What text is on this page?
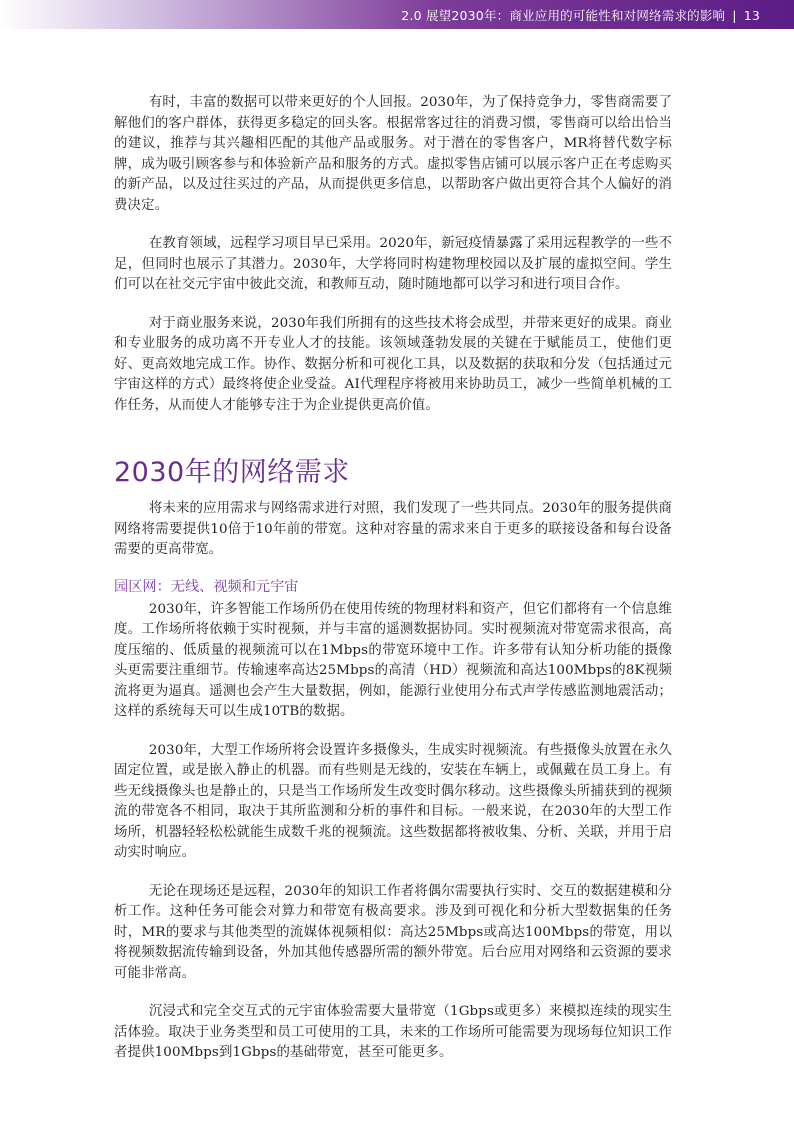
2.0 展望2030年：商业应用的可能性和对网络需求的影响 | 13

有时，丰富的数据可以带来更好的个人回报。2030年，为了保持竞争力，零售商需要了解他们的客户群体，获得更多稳定的回头客。根据常客过往的消费习惯，零售商可以给出恰当的建议，推荐与其兴趣相匹配的其他产品或服务。对于潜在的零售客户，MR将替代数字标牌，成为吸引顾客参与和体验新产品和服务的方式。虚拟零售店铺可以展示客户正在考虑购买的新产品，以及过往买过的产品，从而提供更多信息，以帮助客户做出更符合其个人偏好的消费决定。

在教育领域，远程学习项目早已采用。2020年，新冠疫情暴露了采用远程教学的一些不足，但同时也展示了其潜力。2030年，大学将同时构建物理校园以及扩展的虚拟空间。学生们可以在社交元宇宙中彼此交流，和教师互动，随时随地都可以学习和进行项目合作。

对于商业服务来说，2030年我们所拥有的这些技术将会成型，并带来更好的成果。商业和专业服务的成功离不开专业人才的技能。该领域蓬勃发展的关键在于赋能员工，使他们更好、更高效地完成工作。协作、数据分析和可视化工具，以及数据的获取和分发（包括通过元宇宙这样的方式）最终将使企业受益。AI代理程序将被用来协助员工，减少一些简单机械的工作任务，从而使人才能够专注于为企业提供更高价值。

2030年的网络需求

将未来的应用需求与网络需求进行对照，我们发现了一些共同点。2030年的服务提供商网络将需要提供10倍于10年前的带宽。这种对容量的需求来自于更多的联接设备和每台设备需要的更高带宽。

园区网：无线、视频和元宇宙

2030年，许多智能工作场所仍在使用传统的物理材料和资产，但它们都将有一个信息维度。工作场所将依赖于实时视频，并与丰富的遥测数据协同。实时视频流对带宽需求很高，高度压缩的、低质量的视频流可以在1Mbps的带宽环境中工作。许多带有认知分析功能的摄像头更需要注重细节。传输速率高达25Mbps的高清（HD）视频流和高达100Mbps的8K视频流将更为逼真。遥测也会产生大量数据，例如，能源行业使用分布式声学传感监测地震活动；这样的系统每天可以生成10TB的数据。

2030年，大型工作场所将会设置许多摄像头，生成实时视频流。有些摄像头放置在永久固定位置，或是嵌入静止的机器。而有些则是无线的，安装在车辆上，或佩戴在员工身上。有些无线摄像头也是静止的，只是当工作场所发生改变时偶尔移动。这些摄像头所捕获到的视频流的带宽各不相同，取决于其所监测和分析的事件和目标。一般来说，在2030年的大型工作场所，机器轻轻松松就能生成数千兆的视频流。这些数据都将被收集、分析、关联，并用于启动实时响应。

无论在现场还是远程，2030年的知识工作者将偶尔需要执行实时、交互的数据建模和分析工作。这种任务可能会对算力和带宽有极高要求。涉及到可视化和分析大型数据集的任务时，MR的要求与其他类型的流媒体视频相似：高达25Mbps或高达100Mbps的带宽，用以将视频数据流传输到设备，外加其他传感器所需的额外带宽。后台应用对网络和云资源的要求可能非常高。

沉浸式和完全交互式的元宇宙体验需要大量带宽（1Gbps或更多）来模拟连续的现实生活体验。取决于业务类型和员工可使用的工具，未来的工作场所可能需要为现场每位知识工作者提供100Mbps到1Gbps的基础带宽，甚至可能更多。
